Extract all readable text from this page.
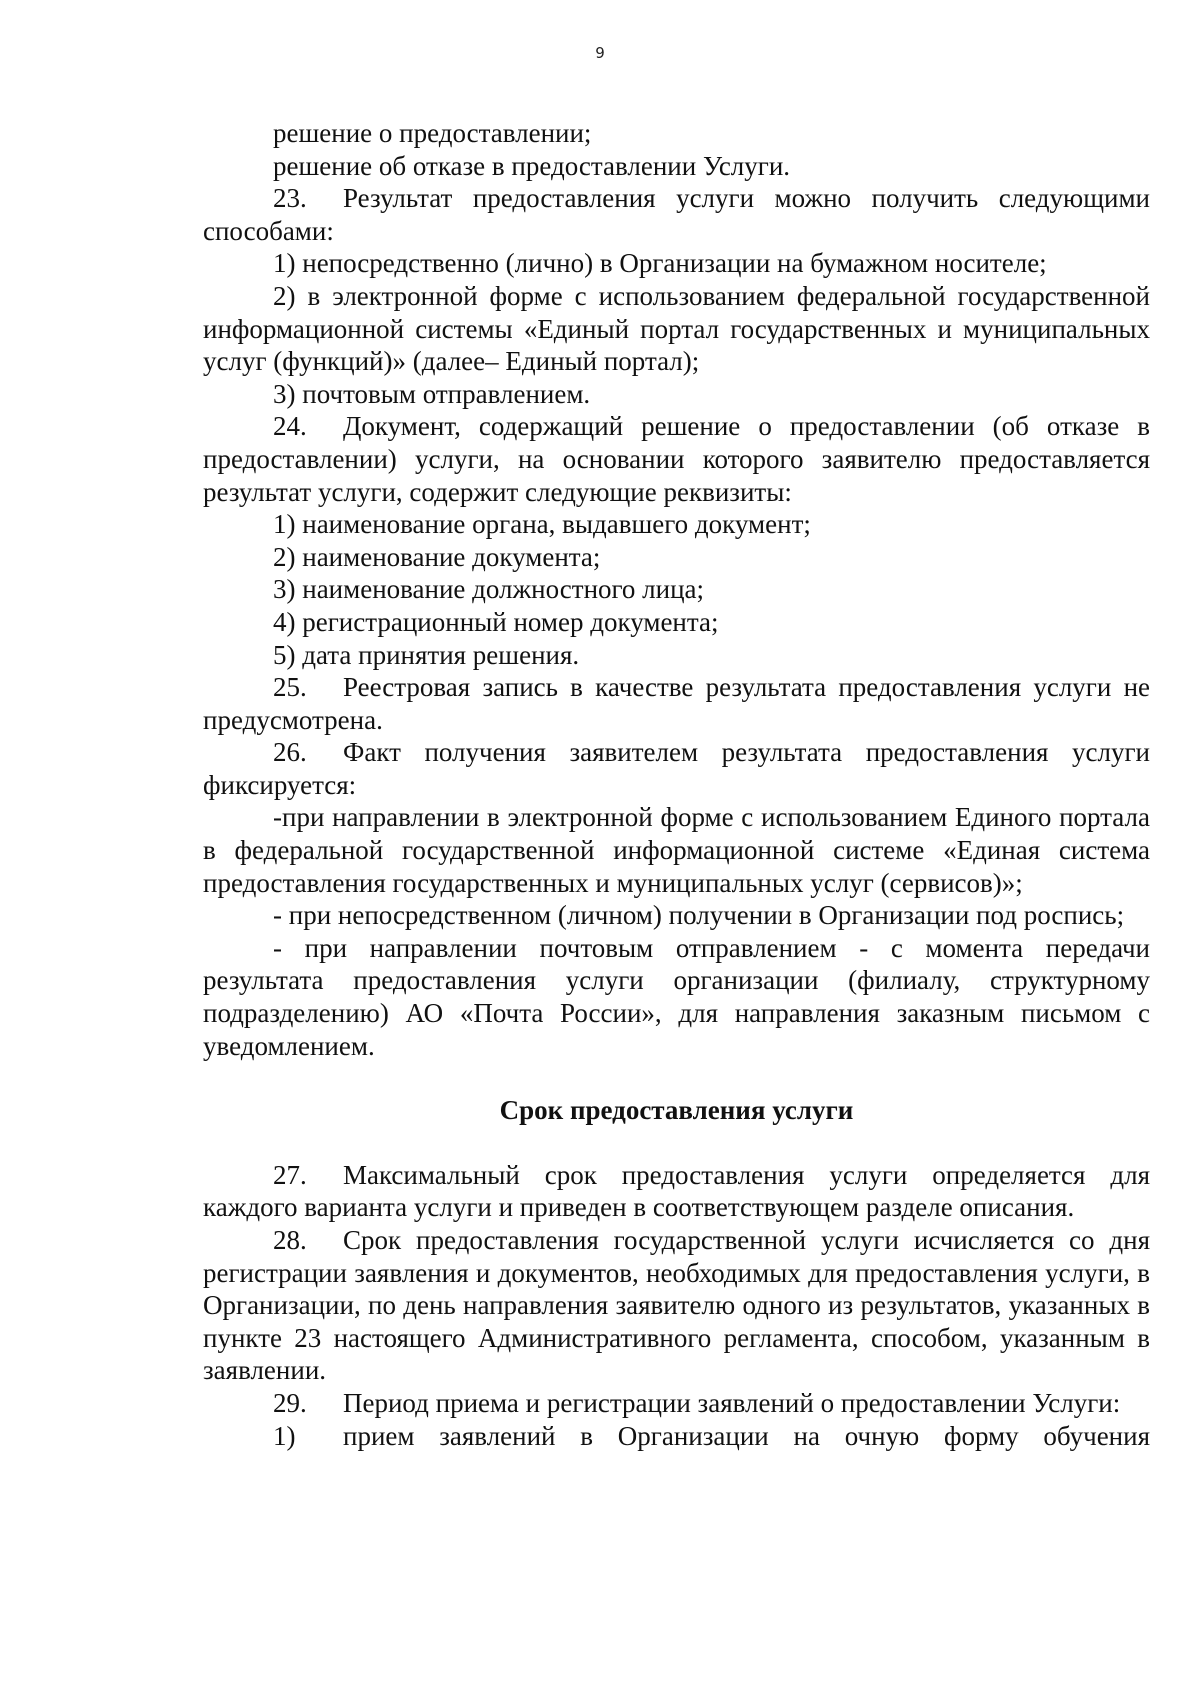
9

решение о предоставлении;

решение об отказе в предоставлении Услуги.

23. Результат предоставления услуги можно получить следующими способами:

1) непосредственно (лично) в Организации на бумажном носителе;

2) в электронной форме с использованием федеральной государственной информационной системы «Единый портал государственных и муниципальных услуг (функций)» (далее– Единый портал);

3) почтовым отправлением.

24. Документ, содержащий решение о предоставлении (об отказе в предоставлении) услуги, на основании которого заявителю предоставляется результат услуги, содержит следующие реквизиты:

1) наименование органа, выдавшего документ;

2) наименование документа;

3) наименование должностного лица;

4) регистрационный номер документа;

5) дата принятия решения.

25. Реестровая запись в качестве результата предоставления услуги не предусмотрена.

26. Факт получения заявителем результата предоставления услуги фиксируется:

-при направлении в электронной форме с использованием Единого портала в федеральной государственной информационной системе «Единая система предоставления государственных и муниципальных услуг (сервисов)»;

- при непосредственном (личном) получении в Организации под роспись;

- при направлении почтовым отправлением - с момента передачи результата предоставления услуги организации (филиалу, структурному подразделению) АО «Почта России», для направления заказным письмом с уведомлением.

Срок предоставления услуги

27. Максимальный срок предоставления услуги определяется для каждого варианта услуги и приведен в соответствующем разделе описания.

28. Срок предоставления государственной услуги исчисляется со дня регистрации заявления и документов, необходимых для предоставления услуги, в Организации, по день направления заявителю одного из результатов, указанных в пункте 23 настоящего Административного регламента, способом, указанным в заявлении.

29. Период приема и регистрации заявлений о предоставлении Услуги:

1) прием заявлений в Организации на очную форму обучения
